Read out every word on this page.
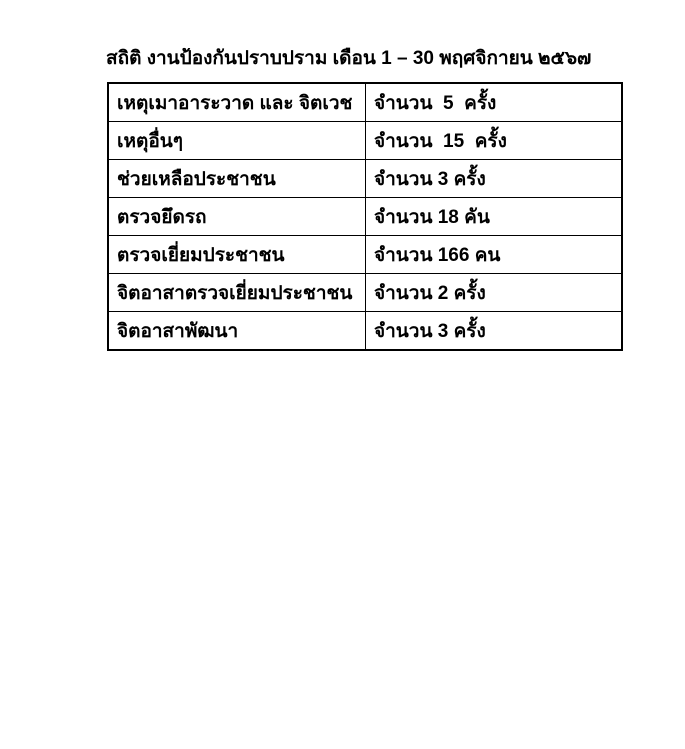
สถิติ งานป้องกันปราบปราม เดือน 1 – 30 พฤศจิกายน ๒๕๖๗
เหตุเมาอาระวาด และ จิตเวช	จำนวน  5  ครั้ง
เหตุอื่นๆ	จำนวน  15  ครั้ง
ช่วยเหลือประชาชน	จำนวน 3 ครั้ง
ตรวจยึดรถ	จำนวน 18 คัน
ตรวจเยี่ยมประชาชน	จำนวน 166 คน
จิตอาสาตรวจเยี่ยมประชาชน	จำนวน 2 ครั้ง
จิตอาสาพัฒนา	จำนวน 3 ครั้ง
